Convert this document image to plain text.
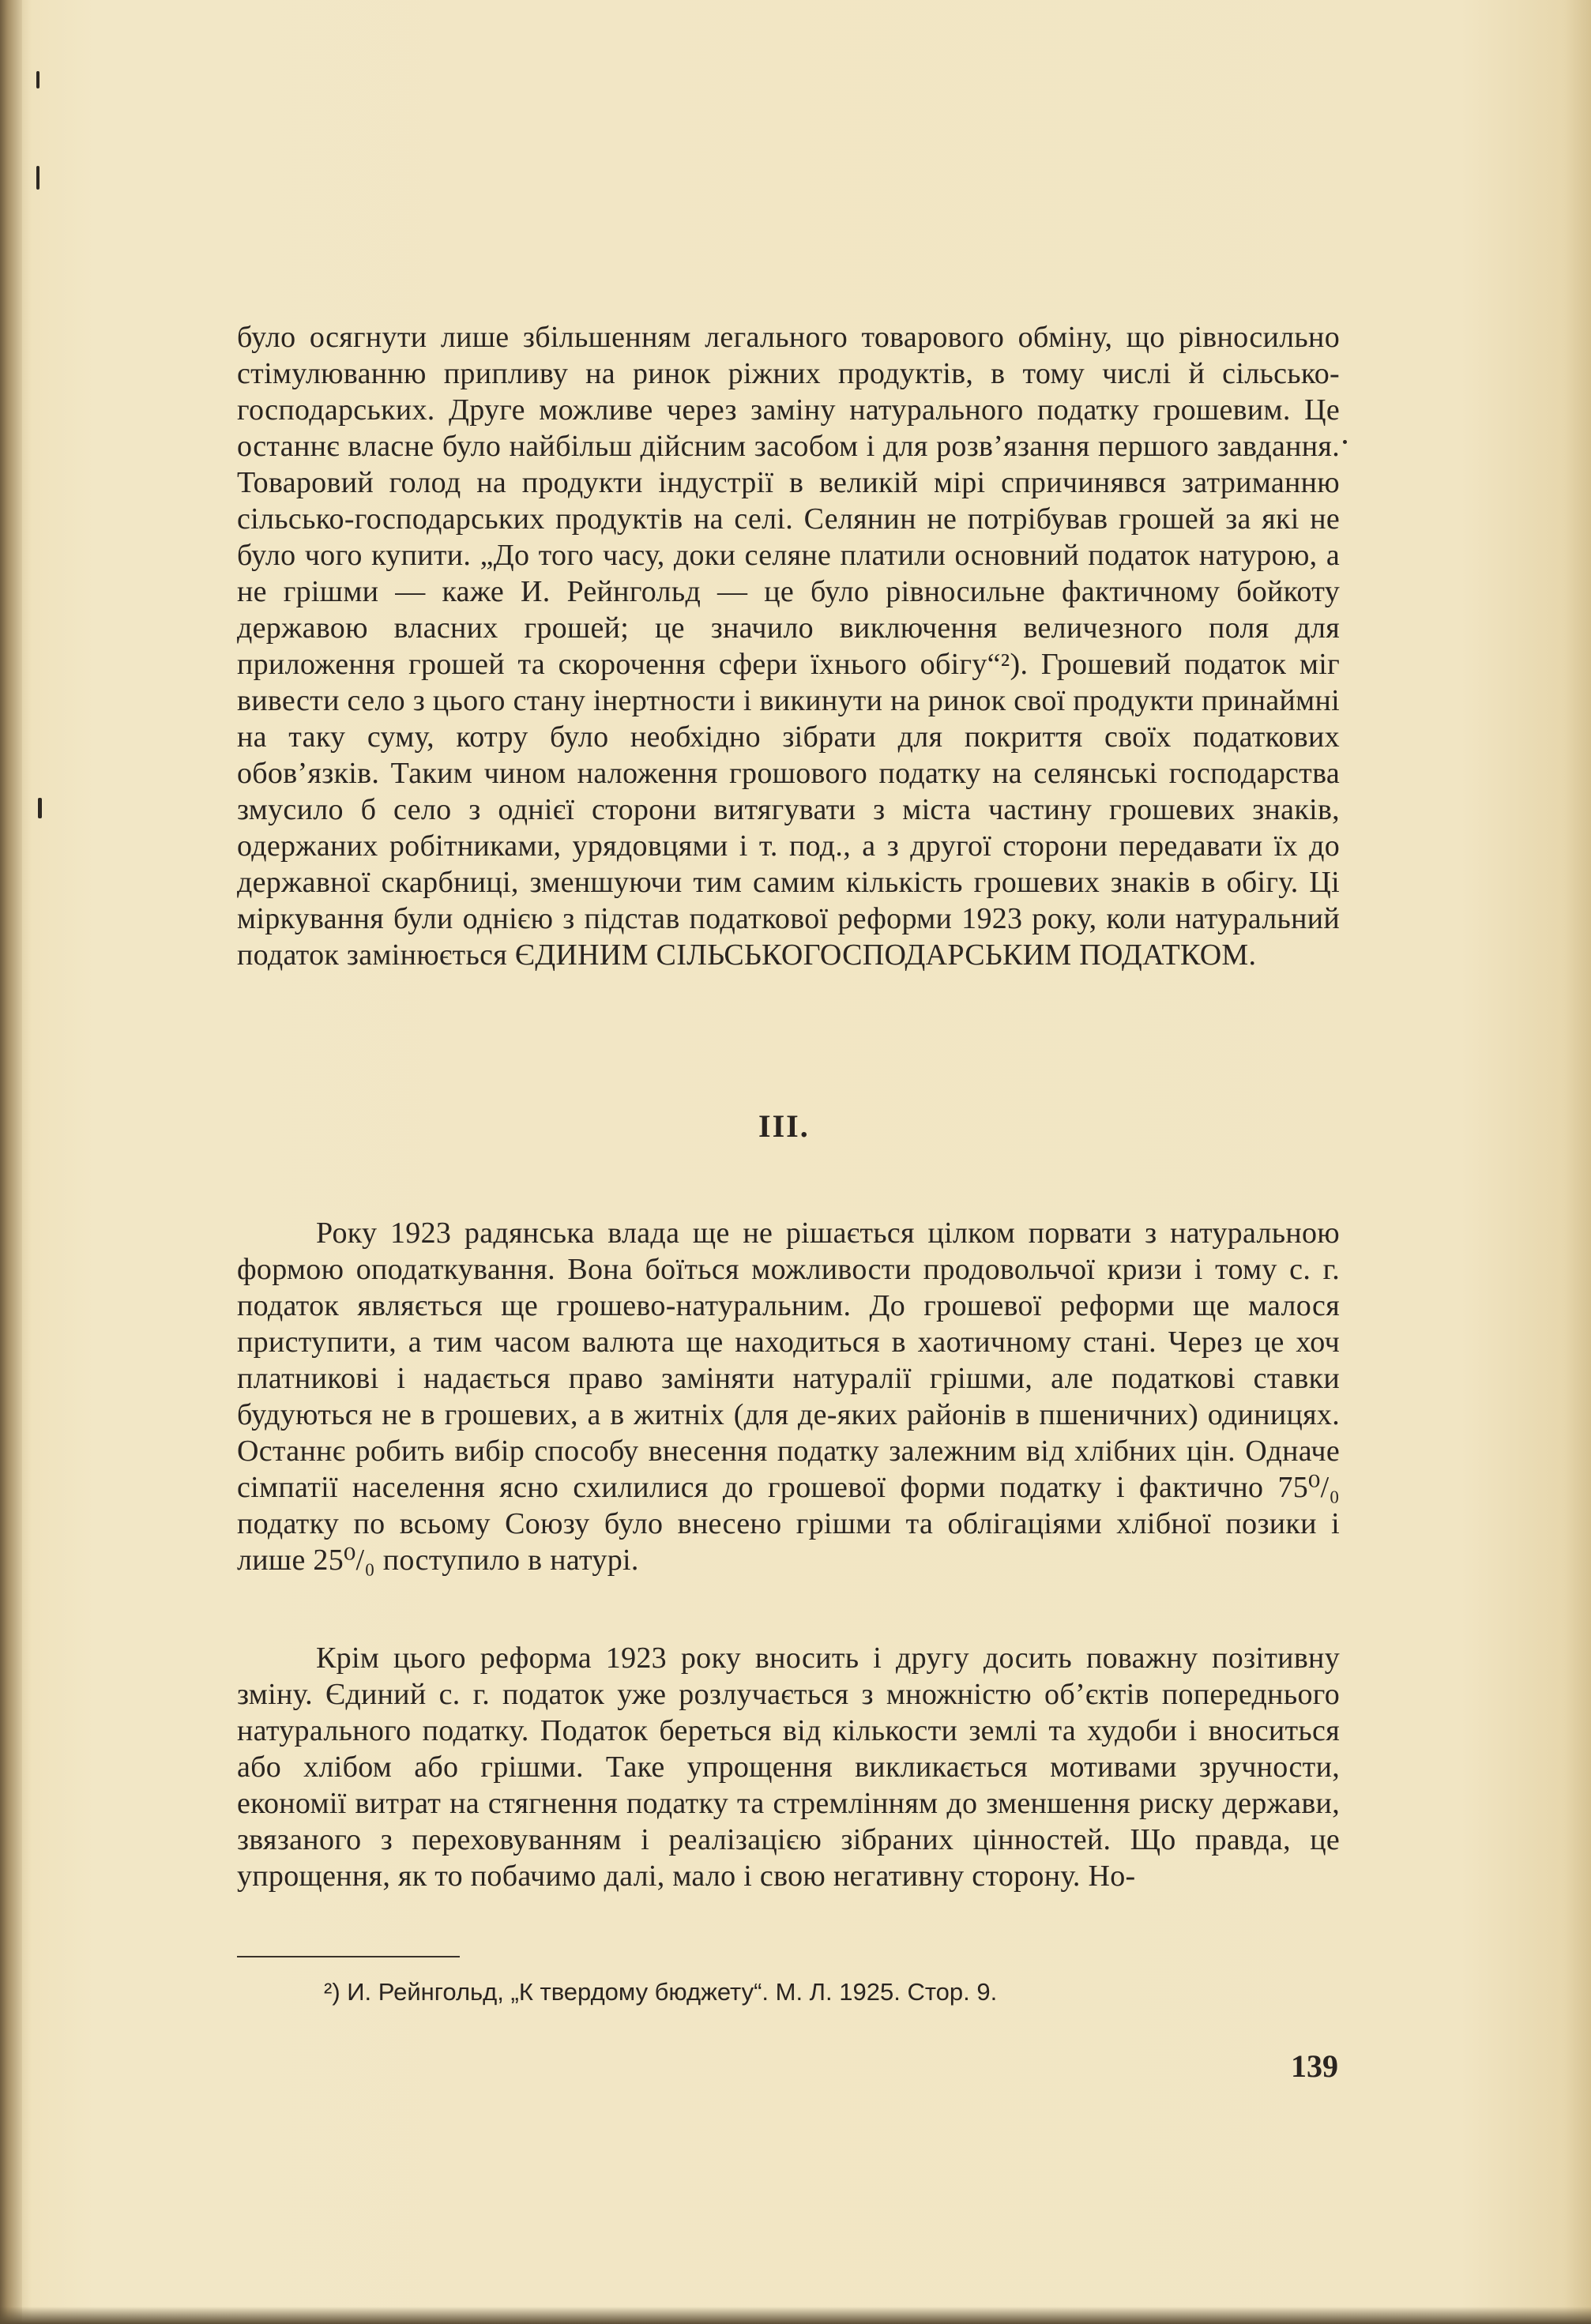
було осягнути лише збільшенням легального товарового обміну, що рівносильно стімулюванню припливу на ринок ріжних продуктів, в тому числі й сільсько-господарських. Друге можливе через заміну натурального податку грошевим. Це останнє власне було найбільш дійсним засобом і для розв’язання першого завдання. Товаровий голод на продукти індустрії в великій мірі спричинявся затриманню сільсько-господарських продуктів на селі. Селянин не потрібував грошей за які не було чого купити. „До того часу, доки селяне платили основний податок натурою, а не грішми — каже И. Рейнгольд — це було рівносильне фактичному бойкоту державою власних грошей; це значило виключення величезного поля для приложення грошей та скорочення сфери їхнього обігу“²). Грошевий податок міг вивести село з цього стану інертности і викинути на ринок свої продукти принаймні на таку суму, котру було необхідно зібрати для покриття своїх податкових обов’язків. Таким чином наложення грошового податку на селянські господарства змусило б село з однієї сторони витягувати з міста частину грошевих знаків, одержаних робітниками, урядовцями і т. под., а з другої сторони передавати їх до державної скарбниці, зменшуючи тим самим кількість грошевих знаків в обігу. Ці міркування були однією з підстав податкової реформи 1923 року, коли натуральний податок замінюється ЄДИНИМ СІЛЬСЬКОГОСПОДАРСЬКИМ ПОДАТКОМ.

III.

Року 1923 радянська влада ще не рішається цілком порвати з натуральною формою оподаткування. Вона боїться можливости продовольчої кризи і тому с. г. податок являється ще грошево-натуральним. До грошевої реформи ще малося приступити, а тим часом валюта ще находиться в хаотичному стані. Через це хоч платникові і надається право заміняти натуралії грішми, але податкові ставки будуються не в грошевих, а в житніх (для де-яких районів в пшеничних) одиницях. Останнє робить вибір способу внесення податку залежним від хлібних цін. Одначе сімпатії населення ясно схилилися до грошевої форми податку і фактично 75⁰/₀ податку по всьому Союзу було внесено грішми та облігаціями хлібної позики і лише 25⁰/₀ поступило в натурі.

Крім цього реформа 1923 року вносить і другу досить поважну позітивну зміну. Єдиний с. г. податок уже розлучається з множністю об’єктів попереднього натурального податку. Податок береться від кількости землі та худоби і вноситься або хлібом або грішми. Таке упрощення викликається мотивами зручности, економії витрат на стягнення податку та стремлінням до зменшення риску держави, звязаного з переховуванням і реалізацією зібраних цінностей. Що правда, це упрощення, як то побачимо далі, мало і свою негативну сторону. Но-

²) И. Рейнгольд, „К твердому бюджету“. М. Л. 1925. Стор. 9.
139
